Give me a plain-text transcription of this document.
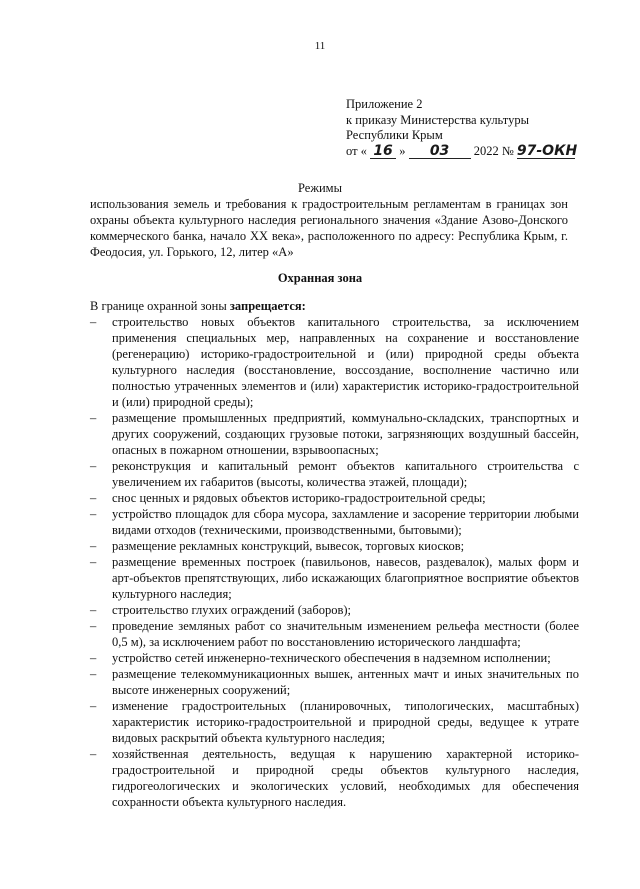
11
Приложение 2
к приказу Министерства культуры
Республики Крым
от « 16 » 03 2022 № 97-ОКН
Режимы
использования земель и требования к градостроительным регламентам в границах зон охраны объекта культурного наследия регионального значения «Здание Азово-Донского коммерческого банка, начало XX века», расположенного по адресу: Республика Крым, г. Феодосия, ул. Горького, 12, литер «А»
Охранная зона
В границе охранной зоны запрещается:
– строительство новых объектов капитального строительства, за исключением применения специальных мер, направленных на сохранение и восстановление (регенерацию) историко-градостроительной и (или) природной среды объекта культурного наследия (восстановление, воссоздание, восполнение частично или полностью утраченных элементов и (или) характеристик историко-градостроительной и (или) природной среды);
– размещение промышленных предприятий, коммунально-складских, транспортных и других сооружений, создающих грузовые потоки, загрязняющих воздушный бассейн, опасных в пожарном отношении, взрывоопасных;
– реконструкция и капитальный ремонт объектов капитального строительства с увеличением их габаритов (высоты, количества этажей, площади);
– снос ценных и рядовых объектов историко-градостроительной среды;
– устройство площадок для сбора мусора, захламление и засорение территории любыми видами отходов (техническими, производственными, бытовыми);
– размещение рекламных конструкций, вывесок, торговых киосков;
– размещение временных построек (павильонов, навесов, раздевалок), малых форм и арт-объектов препятствующих, либо искажающих благоприятное восприятие объектов культурного наследия;
– строительство глухих ограждений (заборов);
– проведение земляных работ со значительным изменением рельефа местности (более 0,5 м), за исключением работ по восстановлению исторического ландшафта;
– устройство сетей инженерно-технического обеспечения в надземном исполнении;
– размещение телекоммуникационных вышек, антенных мачт и иных значительных по высоте инженерных сооружений;
– изменение градостроительных (планировочных, типологических, масштабных) характеристик историко-градостроительной и природной среды, ведущее к утрате видовых раскрытий объекта культурного наследия;
– хозяйственная деятельность, ведущая к нарушению характерной историко-градостроительной и природной среды объектов культурного наследия, гидрогеологических и экологических условий, необходимых для обеспечения сохранности объекта культурного наследия.
